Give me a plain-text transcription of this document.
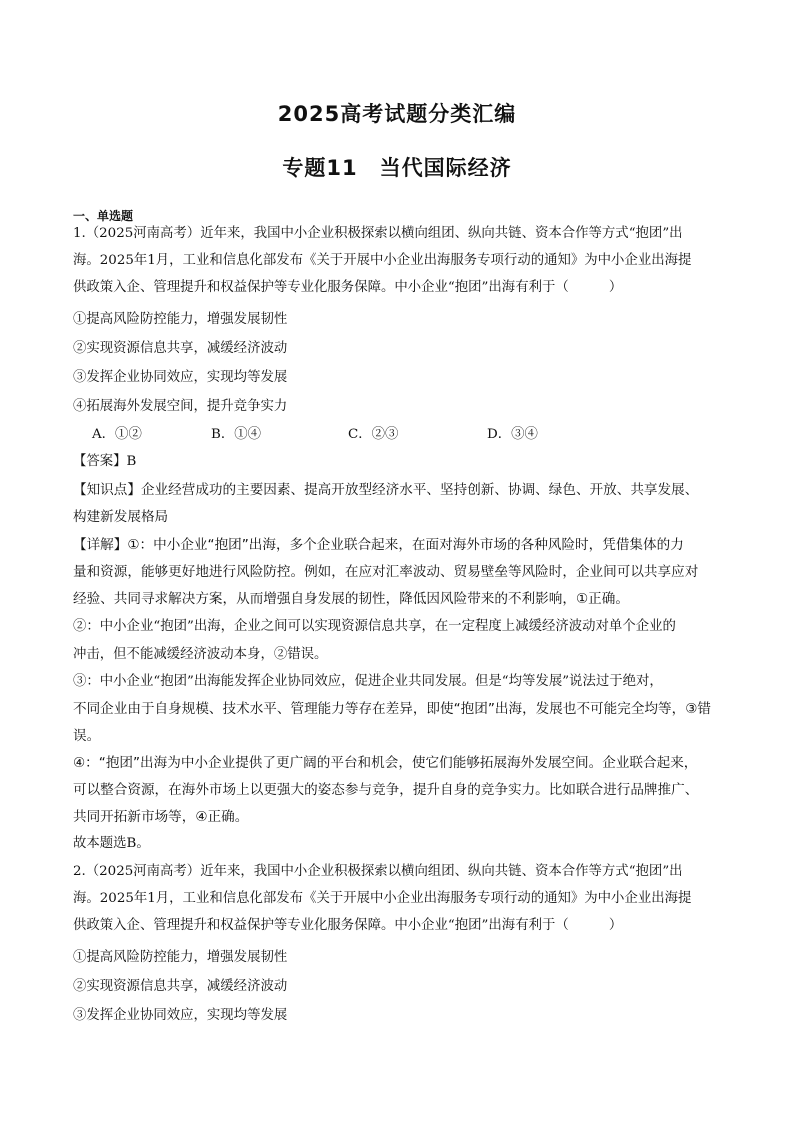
2025高考试题分类汇编
专题11　当代国际经济
一、单选题
1.（2025河南高考）近年来，我国中小企业积极探索以横向组团、纵向共链、资本合作等方式“抱团”出
海。2025年1月，工业和信息化部发布《关于开展中小企业出海服务专项行动的通知》为中小企业出海提
供政策入企、管理提升和权益保护等专业化服务保障。中小企业“抱团”出海有利于（　　　）
①提高风险防控能力，增强发展韧性
②实现资源信息共享，减缓经济波动
③发挥企业协同效应，实现均等发展
④拓展海外发展空间，提升竞争实力
A．①②	B．①④	C．②③	D．③④
【答案】B
【知识点】企业经营成功的主要因素、提高开放型经济水平、坚持创新、协调、绿色、开放、共享发展、
构建新发展格局
【详解】①：中小企业“抱团”出海，多个企业联合起来，在面对海外市场的各种风险时，凭借集体的力
量和资源，能够更好地进行风险防控。例如，在应对汇率波动、贸易壁垒等风险时，企业间可以共享应对
经验、共同寻求解决方案，从而增强自身发展的韧性，降低因风险带来的不利影响，①正确。
②：中小企业“抱团”出海，企业之间可以实现资源信息共享，在一定程度上减缓经济波动对单个企业的
冲击，但不能减缓经济波动本身，②错误。
③：中小企业“抱团”出海能发挥企业协同效应，促进企业共同发展。但是“均等发展”说法过于绝对，
不同企业由于自身规模、技术水平、管理能力等存在差异，即使“抱团”出海，发展也不可能完全均等，③错
误。
④：“抱团”出海为中小企业提供了更广阔的平台和机会，使它们能够拓展海外发展空间。企业联合起来，
可以整合资源，在海外市场上以更强大的姿态参与竞争，提升自身的竞争实力。比如联合进行品牌推广、
共同开拓新市场等，④正确。
故本题选B。
2.（2025河南高考）近年来，我国中小企业积极探索以横向组团、纵向共链、资本合作等方式“抱团”出
海。2025年1月，工业和信息化部发布《关于开展中小企业出海服务专项行动的通知》为中小企业出海提
供政策入企、管理提升和权益保护等专业化服务保障。中小企业“抱团”出海有利于（　　　）
①提高风险防控能力，增强发展韧性
②实现资源信息共享，减缓经济波动
③发挥企业协同效应，实现均等发展
